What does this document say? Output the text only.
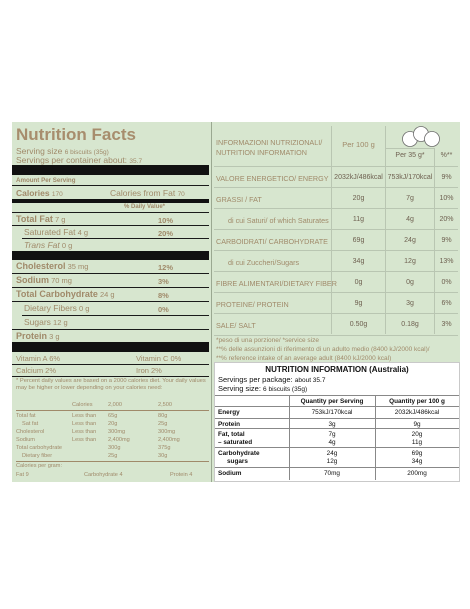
Nutrition Facts
Serving size 6 biscuits (35g)
Servings per container about: 35.7
Amount Per Serving
Calories 170	Calories from Fat 70
% Daily Value*
Total Fat 7 g	10%
Saturated Fat 4 g	20%
Trans Fat 0 g
Cholesterol 35 mg	12%
Sodium 70 mg	3%
Total Carbohydrate 24 g	8%
Dietary Fibers 0 g	0%
Sugars 12 g
Protein 3 g
Vitamin A 6%	Vitamin C 0%
Calcium 2%	Iron 2%
* Percent daily values are based on a 2000 calories diet. Your daily values may be higher or lower depending on your calories need:
Calories	2,000	2,500
Total fat	Less than 65g	80g
Sat fat	Less than 20g	25g
Cholesterol	Less than 300mg	300mg
Sodium	Less than 2,400mg	2,400mg
Total carbohydrate	300g	375g
Dietary fiber	25g	30g
Calories per gram:
Fat 9	Carbohydrate 4	Protein 4
INFORMAZIONI NUTRIZIONALI/ NUTRITION INFORMATION
Per 100 g
Per 35 g*	%**
VALORE ENERGETICO/ ENERGY 2032kJ/486kcal 753kJ/170kcal	9%
GRASSI / FAT	20g	7g	10%
di cui Saturi/ of which Saturates	11g	4g	20%
CARBOIDRATI/ CARBOHYDRATE	69g	24g	9%
di cui Zuccheri/Sugars	34g	12g	13%
FIBRE ALIMENTARI/DIETARY FIBER	0g	0g	0%
PROTEINE/ PROTEIN	9g	3g	6%
SALE/ SALT	0.50g	0.18g	3%
*peso di una porzione/ *service size
**% delle assunzioni di riferimento di un adulto medio (8400 kJ/2000 kcal)/
**% reference intake of an average adult (8400 kJ/2000 kcal)
NUTRITION INFORMATION (Australia)
Servings per package: about 35.7
Serving size: 6 biscuits (35g)
Quantity per Serving	Quantity per 100 g
Energy	753kJ/170kcal	2032kJ/486kcal
Protein	3g	9g
Fat, total	7g	20g
– saturated	4g	11g
Carbohydrate	24g	69g
sugars	12g	34g
Sodium	70mg	200mg
